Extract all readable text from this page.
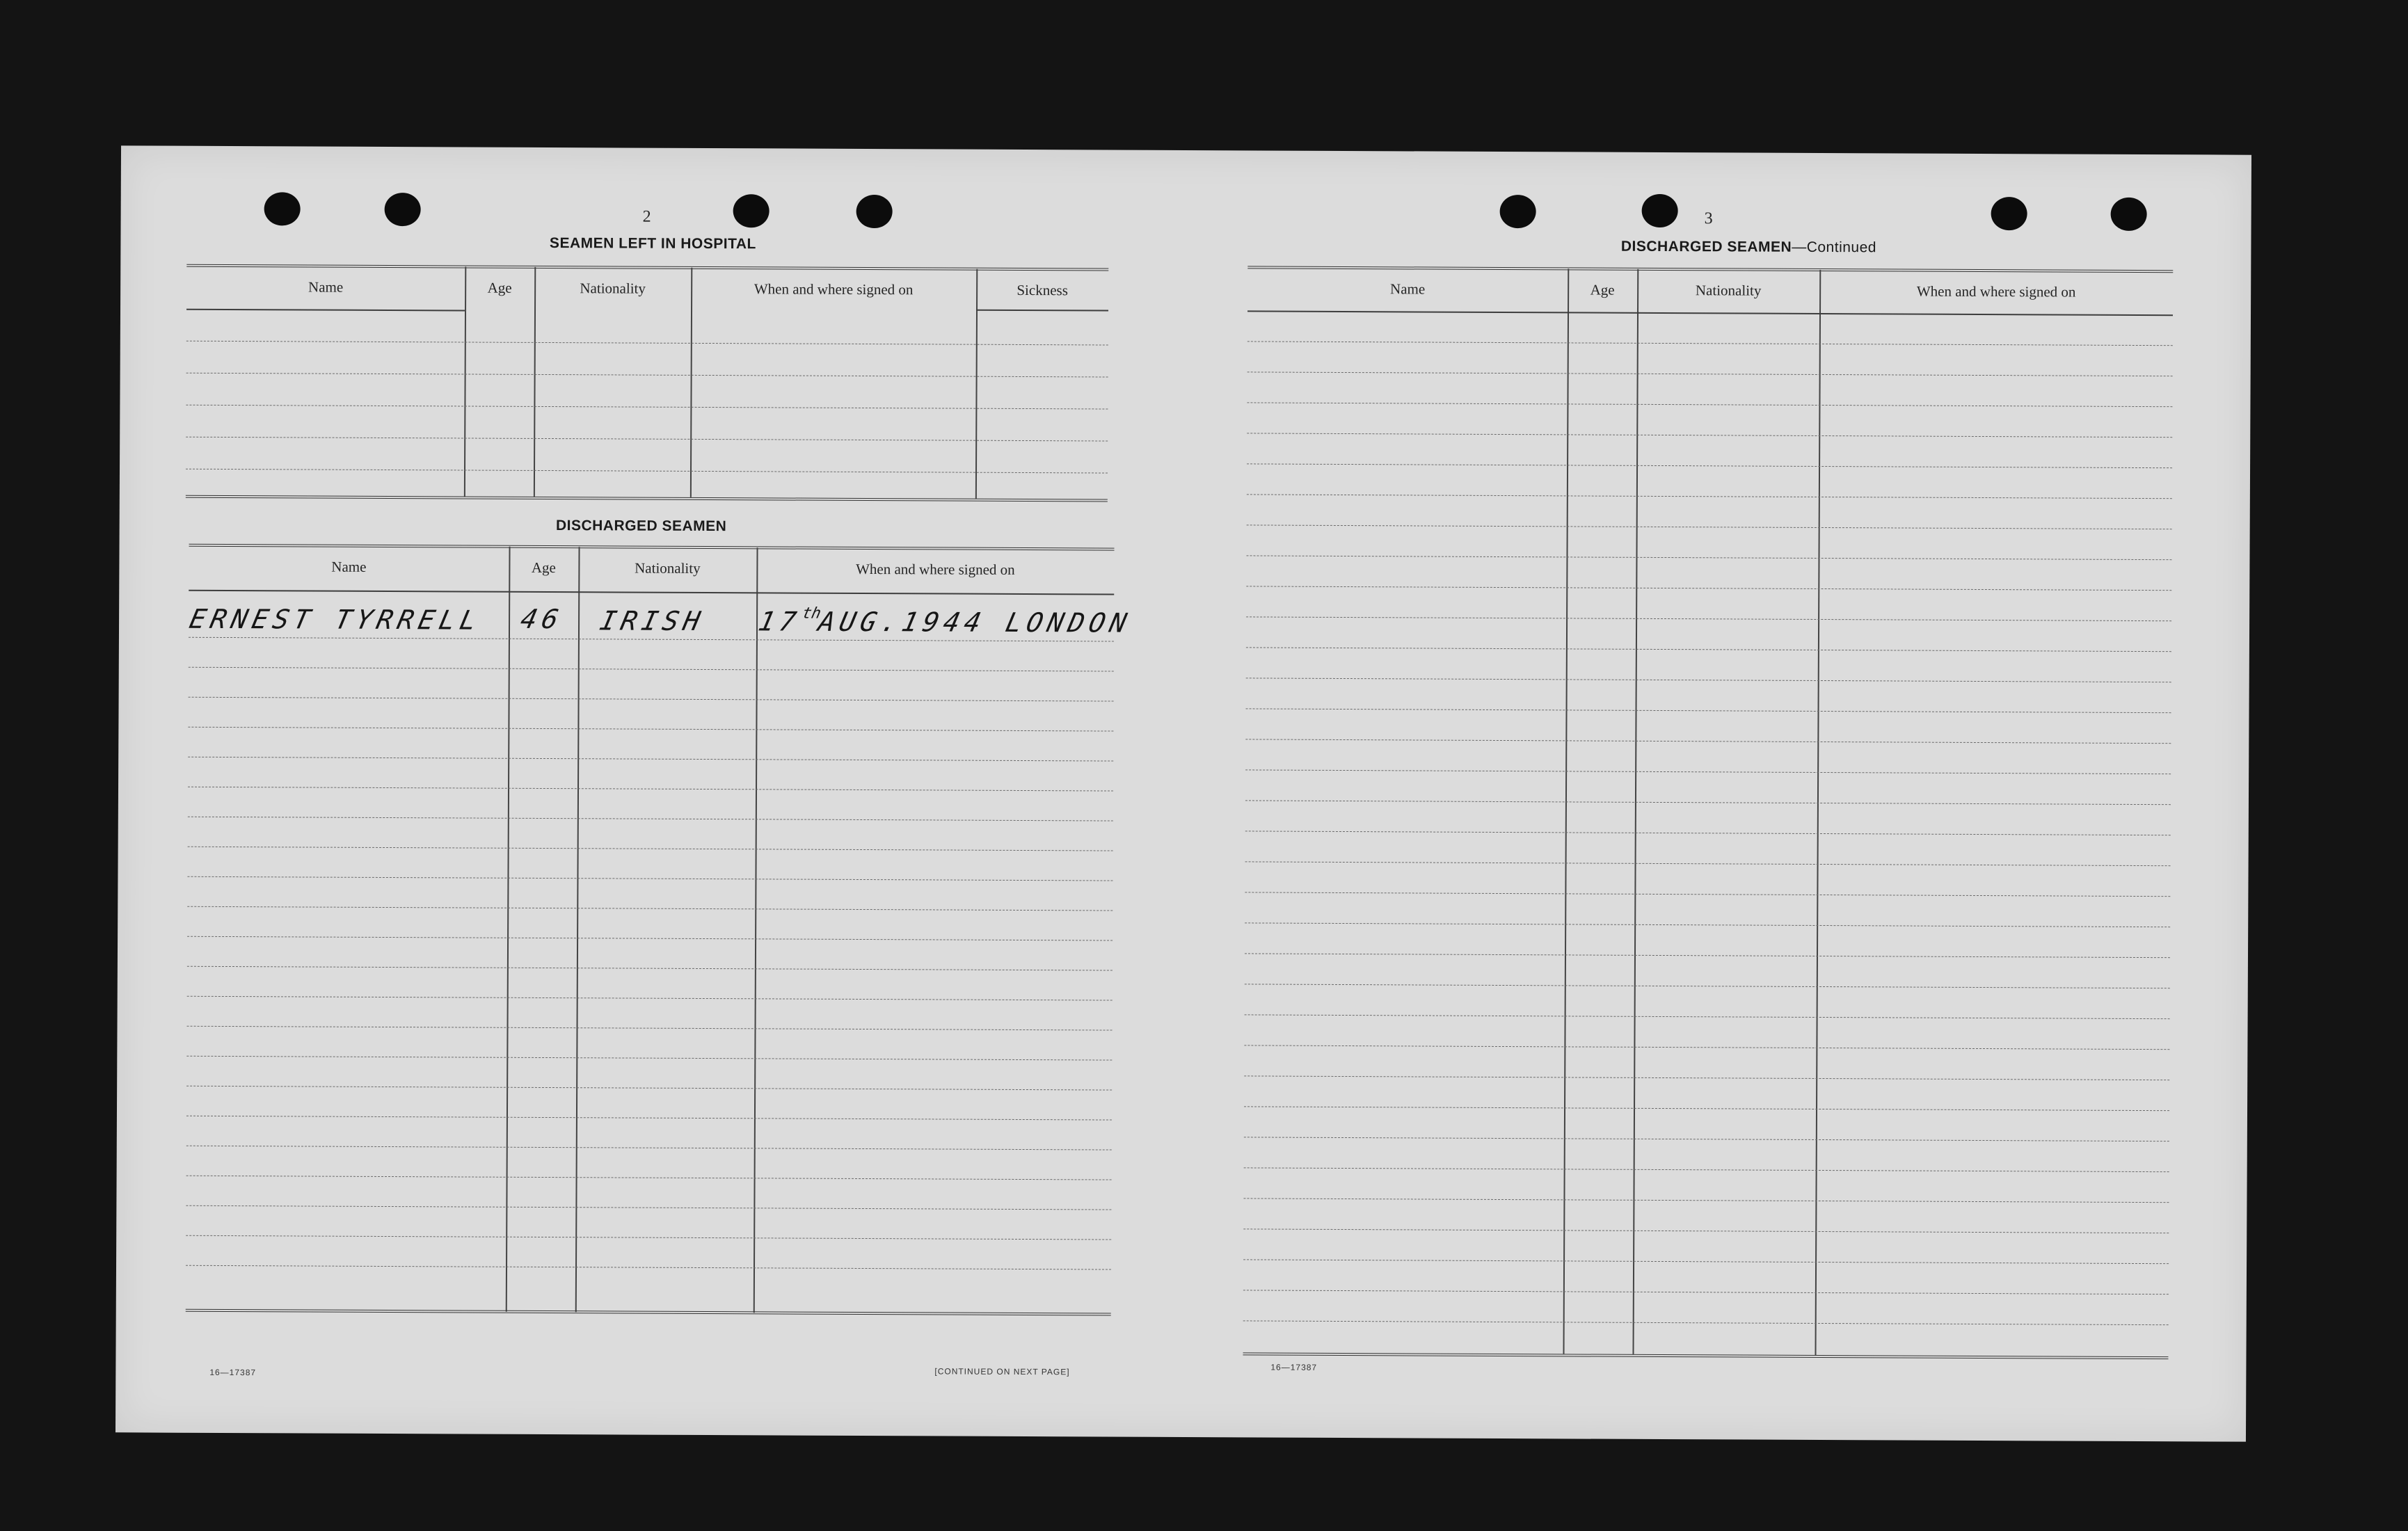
2
SEAMEN LEFT IN HOSPITAL
Name	Age	Nationality	When and where signed on	Sickness
DISCHARGED SEAMEN
Name	Age	Nationality	When and where signed on
ERNEST TYRRELL 46 IRISH 17thAUG.1944 LONDON
16—17387	[CONTINUED ON NEXT PAGE]
3
DISCHARGED SEAMEN—Continued
Name	Age	Nationality	When and where signed on
16—17387
